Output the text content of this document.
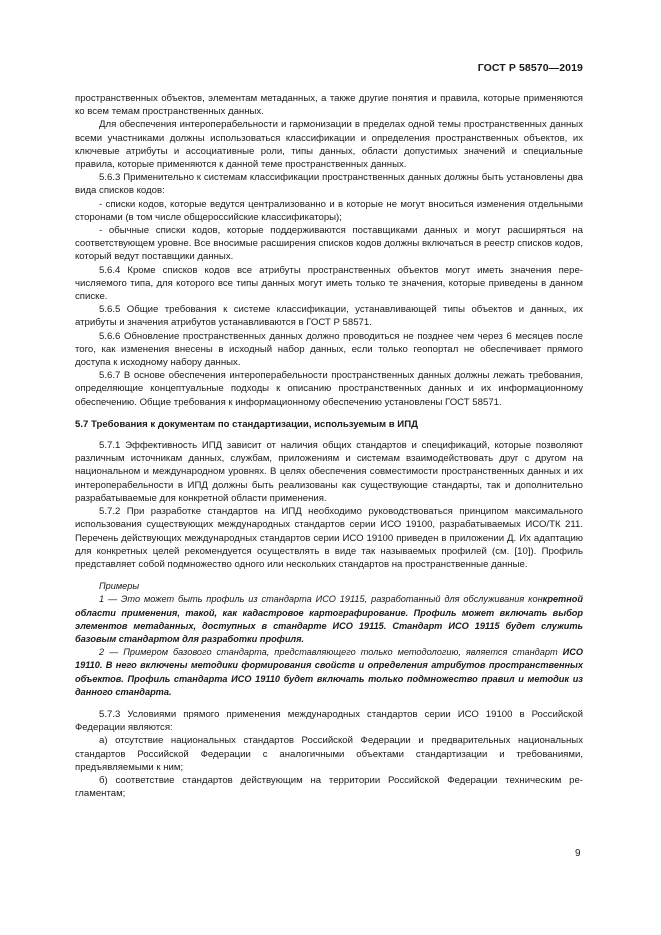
ГОСТ Р 58570—2019

пространственных объектов, элементам метаданных, а также другие понятия и правила, которые применяются ко всем темам пространственных данных.

Для обеспечения интероперабельности и гармонизации в пределах одной темы пространственных данных всеми участниками должны использоваться классификации и определения пространственных объектов, их ключевые атрибуты и ассоциативные роли, типы данных, области допустимых значений и специальные правила, которые применяются к данной теме пространственных данных.

5.6.3 Применительно к системам классификации пространственных данных должны быть установлены два вида списков кодов:

- списки кодов, которые ведутся централизованно и в которые не могут вноситься изменения отдельными сторонами (в том числе общероссийские классификаторы);

- обычные списки кодов, которые поддерживаются поставщиками данных и могут расширяться на соответствующем уровне. Все вносимые расширения списков кодов должны включаться в реестр списков кодов, который ведут поставщики данных.

5.6.4 Кроме списков кодов все атрибуты пространственных объектов могут иметь значения перечисляемого типа, для которого все типы данных могут иметь только те значения, которые приведены в данном списке.

5.6.5 Общие требования к системе классификации, устанавливающей типы объектов и данных, их атрибуты и значения атрибутов устанавливаются в ГОСТ Р 58571.

5.6.6 Обновление пространственных данных должно проводиться не позднее чем через 6 месяцев после того, как изменения внесены в исходный набор данных, если только геопортал не обеспечивает прямого доступа к исходному набору данных.

5.6.7 В основе обеспечения интероперабельности пространственных данных должны лежать требования, определяющие концептуальные подходы к описанию пространственных данных и их информационному обеспечению. Общие требования к информационному обеспечению установлены ГОСТ 58571.

5.7 Требования к документам по стандартизации, используемым в ИПД

5.7.1 Эффективность ИПД зависит от наличия общих стандартов и спецификаций, которые позволяют различным источникам данных, службам, приложениям и системам взаимодействовать друг с другом на национальном и международном уровнях. В целях обеспечения совместимости пространственных данных и их интероперабельности в ИПД должны быть реализованы как существующие стандарты, так и дополнительно разрабатываемые для конкретной области применения.

5.7.2 При разработке стандартов на ИПД необходимо руководствоваться принципом максимального использования существующих международных стандартов серии ИСО 19100, разрабатываемых ИСО/ТК 211. Перечень действующих международных стандартов серии ИСО 19100 приведен в приложении Д. Их адаптацию для конкретных целей рекомендуется осуществлять в виде так называемых профилей (см. [10]). Профиль представляет собой подмножество одного или нескольких стандартов на пространственные данные.

Примеры

1 — Это может быть профиль из стандарта ИСО 19115, разработанный для обслуживания конкретной области применения, такой, как кадастровое картографирование. Профиль может включать выбор элементов метаданных, доступных в стандарте ИСО 19115. Стандарт ИСО 19115 будет служить базовым стандартом для разработки профиля.

2 — Примером базового стандарта, представляющего только методологию, является стандарт ИСО 19110. В него включены методики формирования свойств и определения атрибутов пространственных объектов. Профиль стандарта ИСО 19110 будет включать только подмножество правил и методик из данного стандарта.

5.7.3 Условиями прямого применения международных стандартов серии ИСО 19100 в Российской Федерации являются:

а) отсутствие национальных стандартов Российской Федерации и предварительных национальных стандартов Российской Федерации с аналогичными объектами стандартизации и требованиями, предъявляемыми к ним;

б) соответствие стандартов действующим на территории Российской Федерации техническим регламентам;

9
